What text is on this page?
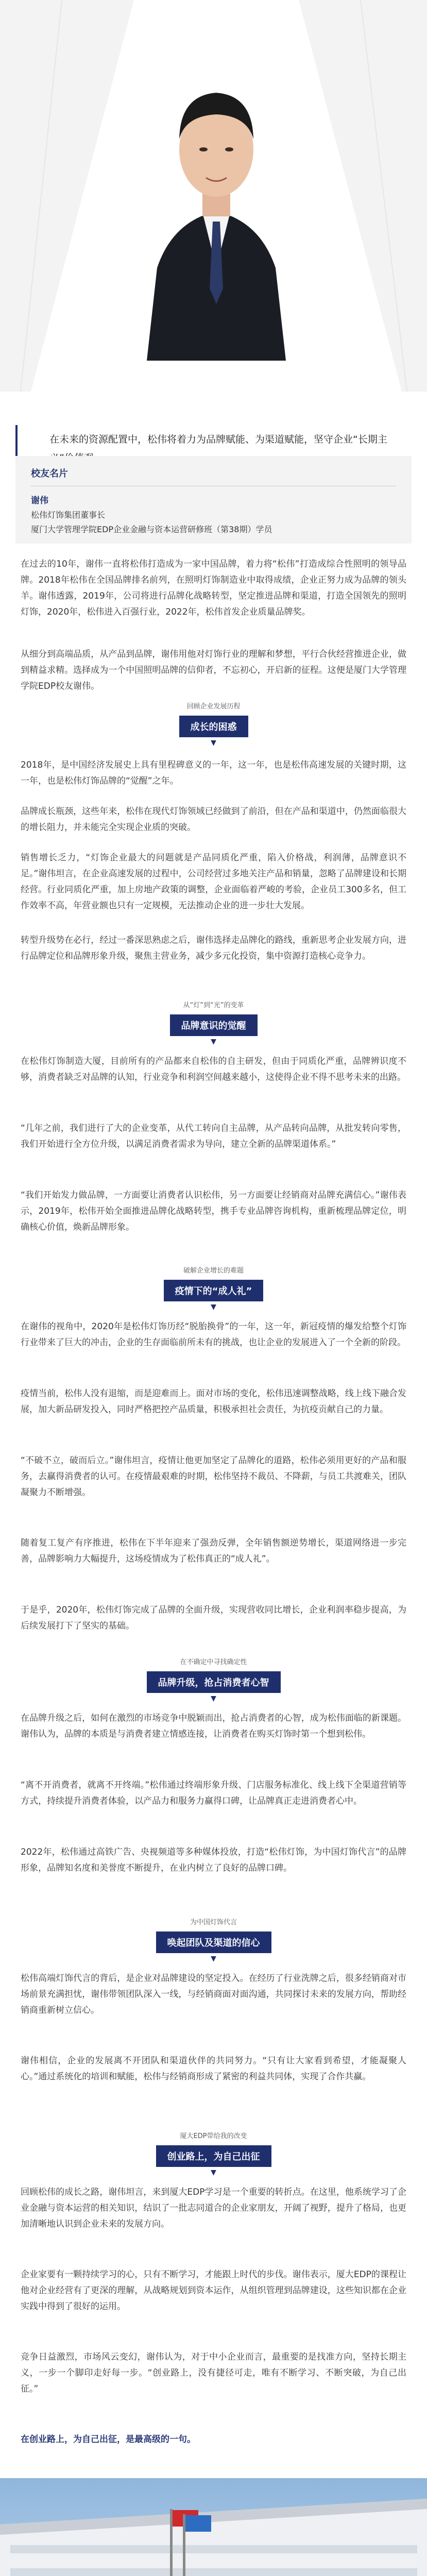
在未来的资源配置中，松伟将着力为品牌赋能、为渠道赋能，坚守企业“长期主
校友名片
谢伟
松伟灯饰集团董事长
厦门大学管理学院EDP企业金融与资本运营研修班（第38期）学员

在过去的10年，谢伟一直将松伟打造成为一家中国品牌，着力将“松伟”打造成综合性照明的领导品牌。2018年松伟在全国品牌排名前列，在照明灯饰制造业中取得成绩，企业正努力成为品牌的领头羊。谢伟透露，2019年，公司将进行品牌化战略转型，坚定推进品牌和渠道，打造全国领先的照明灯饰，2020年，松伟进入百强行业，2022年，松伟首发企业质量品牌奖。

从细分到高端品质，从产品到品牌，谢伟用他对灯饰行业的理解和梦想，平行合伙经营推进企业，做到精益求精。选择成为一个中国照明品牌的信仰者，不忘初心，开启新的征程。这便是厦门大学管理学院EDP校友谢伟。

回顾企业发展历程
成长的困惑
▼

2018年，是中国经济发展史上具有里程碑意义的一年，这一年，也是松伟高速发展的关键时期，这一年，也是松伟灯饰品牌的“觉醒”之年。

品牌成长瓶颈，这些年来，松伟在现代灯饰领域已经做到了前沿，但在产品和渠道中，仍然面临很大的增长阻力，并未能完全实现企业质的突破。

销售增长乏力，“灯饰企业最大的问题就是产品同质化严重，陷入价格战，利润薄，品牌意识不足。”谢伟坦言，在企业高速发展的过程中，公司经营过多地关注产品和销量，忽略了品牌建设和长期经营。行业同质化严重，加上房地产政策的调整，企业面临着严峻的考验，企业员工300多名，但工作效率不高，年营业额也只有一定规模，无法推动企业的进一步壮大发展。

转型升级势在必行，经过一番深思熟虑之后，谢伟选择走品牌化的路线，重新思考企业发展方向，进行品牌定位和品牌形象升级，聚焦主营业务，减少多元化投资，集中资源打造核心竞争力。

从“灯”到“光”的变革
品牌意识的觉醒
▼

在松伟灯饰制造大厦，目前所有的产品都来自松伟的自主研发，但由于同质化严重，品牌辨识度不够，消费者缺乏对品牌的认知，行业竞争和利润空间越来越小，这使得企业不得不思考未来的出路。

“几年之前，我们进行了大的企业变革，从代工转向自主品牌，从产品转向品牌，从批发转向零售，我们开始进行全方位升级，以满足消费者需求为导向，建立全新的品牌渠道体系。”

“我们开始发力做品牌，一方面要让消费者认识松伟，另一方面要让经销商对品牌充满信心。”谢伟表示，2019年，松伟开始全面推进品牌化战略转型，携手专业品牌咨询机构，重新梳理品牌定位，明确核心价值，焕新品牌形象。

破解企业增长的难题
疫情下的“成人礼”
▼

在谢伟的视角中，2020年是松伟灯饰历经“脱胎换骨”的一年，这一年，新冠疫情的爆发给整个灯饰行业带来了巨大的冲击，企业的生存面临前所未有的挑战，也让企业的发展进入了一个全新的阶段。

疫情当前，松伟人没有退缩，而是迎难而上。面对市场的变化，松伟迅速调整战略，线上线下融合发展，加大新品研发投入，同时严格把控产品质量，积极承担社会责任，为抗疫贡献自己的力量。

“不破不立，破而后立。”谢伟坦言，疫情让他更加坚定了品牌化的道路，松伟必须用更好的产品和服务，去赢得消费者的认可。在疫情最艰难的时期，松伟坚持不裁员、不降薪，与员工共渡难关，团队凝聚力不断增强。

随着复工复产有序推进，松伟在下半年迎来了强劲反弹，全年销售额逆势增长，渠道网络进一步完善，品牌影响力大幅提升，这场疫情成为了松伟真正的“成人礼”。

于是乎，2020年，松伟灯饰完成了品牌的全面升级，实现营收同比增长，企业利润率稳步提高，为后续发展打下了坚实的基础。

在不确定中寻找确定性
品牌升级，抢占消费者心智
▼

在品牌升级之后，如何在激烈的市场竞争中脱颖而出，抢占消费者的心智，成为松伟面临的新课题。谢伟认为，品牌的本质是与消费者建立情感连接，让消费者在购买灯饰时第一个想到松伟。

“离不开消费者，就离不开终端。”松伟通过终端形象升级、门店服务标准化、线上线下全渠道营销等方式，持续提升消费者体验，以产品力和服务力赢得口碑，让品牌真正走进消费者心中。

2022年，松伟通过高铁广告、央视频道等多种媒体投放，打造“松伟灯饰，为中国灯饰代言”的品牌形象，品牌知名度和美誉度不断提升，在业内树立了良好的品牌口碑。

为中国灯饰代言
唤起团队及渠道的信心
▼

松伟高端灯饰代言的背后，是企业对品牌建设的坚定投入。在经历了行业洗牌之后，很多经销商对市场前景充满担忧，谢伟带领团队深入一线，与经销商面对面沟通，共同探讨未来的发展方向，帮助经销商重新树立信心。

谢伟相信，企业的发展离不开团队和渠道伙伴的共同努力。“只有让大家看到希望，才能凝聚人心。”通过系统化的培训和赋能，松伟与经销商形成了紧密的利益共同体，实现了合作共赢。

厦大EDP带给我的改变
创业路上，为自己出征
▼

回顾松伟的成长之路，谢伟坦言，来到厦大EDP学习是一个重要的转折点。在这里，他系统学习了企业金融与资本运营的相关知识，结识了一批志同道合的企业家朋友，开阔了视野，提升了格局，也更加清晰地认识到企业未来的发展方向。

企业家要有一颗持续学习的心，只有不断学习，才能跟上时代的步伐。谢伟表示，厦大EDP的课程让他对企业经营有了更深的理解，从战略规划到资本运作，从组织管理到品牌建设，这些知识都在企业实践中得到了很好的运用。

竞争日益激烈，市场风云变幻，谢伟认为，对于中小企业而言，最重要的是找准方向，坚持长期主义，一步一个脚印走好每一步。“创业路上，没有捷径可走，唯有不断学习、不断突破，为自己出征。”

在创业路上，为自己出征，是最高级的一句。
